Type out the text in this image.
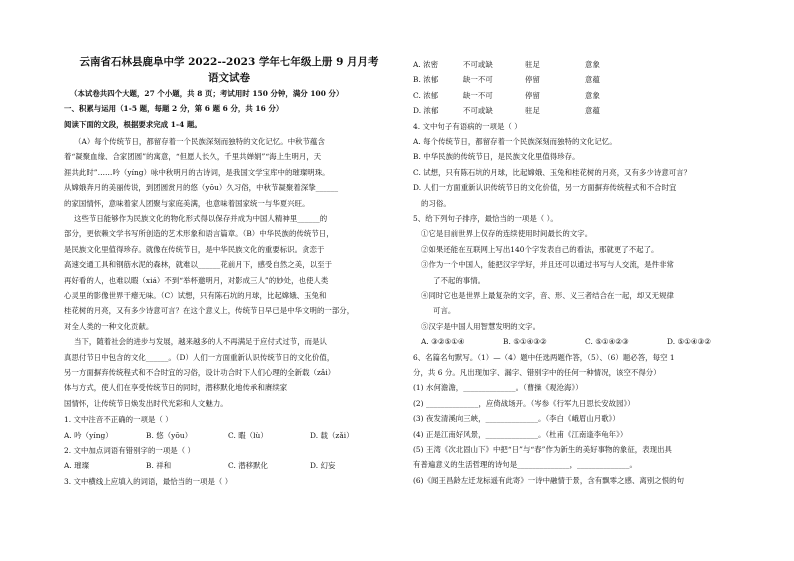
云南省石林县鹿阜中学 2022--2023 学年七年级上册 9 月月考
语文试卷
（本试卷共四个大题，27 个小题，共 8 页；考试用时 150 分钟，满分 100 分）
一、积累与运用（1-5 题，每题 2 分，第 6 题 6 分，共 16 分）
阅读下面的文段，根据要求完成 1-4 题。
（A）每个传统节日，都留存着一个民族深刻而独特的文化记忆。中秋节蕴含
着“凝聚血缘、合家团圆”的寓意，“但愿人长久，千里共婵娟”“海上生明月，天
涯共此时”……吟（yíng）咏中秋明月的古诗词，是我国文学宝库中的璀璨明珠。
从嫦娥奔月的美丽传说，到团圆赏月的悠（yōu）久习俗，中秋节凝聚着深挚______
的家国情怀，意味着家人团聚与家庭美满，也意味着国家统一与华夏兴旺。
这些节日能够作为民族文化的物化形式得以保存并成为中国人精神里______的
部分，更依赖文学书写所创造的艺术形象和语言篇章。（B）中华民族的传统节日，
是民族文化里值得珍存。就像在传统节日，是中华民族文化的重要标识。贪恋于
高速交通工具和钢筋水泥的森林，就难以______花前月下，感受自然之美，以至于
再好看的人，也难以暇（xiá）不到“举杯邀明月，对影成三人”的妙处，也使人类
心灵里的影像世界干瘪无味。（C）试想，只有陈石坑的月球，比起嫦娥、玉兔和
桂花树的月亮，又有多少诗意可言？在这个意义上，传统节日早已是中华文明的一部分，
对全人类的一种文化贡献。
当下，随着社会的进步与发展，越来越多的人不再满足于应付式过节，而是认
真思付节日中包含的文化______。（D）人们一方面重新认识传统节日的文化价值，
另一方面摒弃传统程式和不合时宜的习俗，设计功合时下人们心理的全新载（zǎi）
体与方式，使人们在享受传统节日的同时，潜移默化地传承和赓续家
国情怀，让传统节日焕发出时代光彩和人文魅力。
1. 文中注音不正确的一项是（ ）
A. 吟（yíng）	B. 悠（yōu）	C. 暇（lù）	D. 载（zǎi）
2. 文中加点词语有错别字的一项是（ ）
A. 璀璨	B. 祥和	C. 潜移默化	D. 幻妄
3. 文中横线上应填入的词语，最恰当的一项是（ ）
A. 浓密	不可或缺	驻足	意象
B. 浓郁	缺一不可	停留	意蕴
C. 浓郁	缺一不可	停留	意象
D. 浓郁	不可或缺	驻足	意蕴
4. 文中句子有语病的一项是（ ）
A. 每个传统节日，都留存着一个民族深刻而独特的文化记忆。
B. 中华民族的传统节日，是民族文化里值得珍存。
C. 试想，只有陈石坑的月球，比起嫦娥、玉兔和桂花树的月亮，又有多少诗意可言？
D. 人们一方面重新认识传统节日的文化价值，另一方面摒弃传统程式和不合时宜
的习俗。
5、给下列句子排序，最恰当的一项是（ ）。
①它是目前世界上仅存的连续使用时间最长的文字。
②如果还能在互联网上写出140个字发表自己的看法，那就更了不起了。
③作为一个中国人，能把汉字学好，并且还可以通过书写与人交流，是件非常
了不起的事情。
④同时它也是世界上最复杂的文字，音、形、义三者结合在一起，却又无规律
可言。
⑤汉字是中国人用智慧发明的文字。
A. ③②⑤①④	B. ⑤①④③②	C. ⑤①④②③	D. ⑤①④③②
6、名篇名句默写。（1）—（4）题中任选两题作答，（5）、（6）题必答，每空 1
分，共 6 分。凡出现加字、漏字、错别字中的任何一种情况，该空不得分）
(1) 水何澹澹，______________。（曹操《观沧海》）
(2) ______________，应倚战场开。（岑参《行军九日思长安故园》）
(3) 夜发清溪向三峡，______________。（李白《峨眉山月歌》）
(4) 正是江南好风景，______________。（杜甫《江南逢李龟年》）
(5) 王湾《次北固山下》中把“日”与“春”作为新生的美好事物的象征，表现出具
有普遍意义的生活哲理的诗句是______________，______________。
(6)《闻王昌龄左迁龙标遥有此寄》一诗中融情于景，含有飘零之感、离别之恨的句
